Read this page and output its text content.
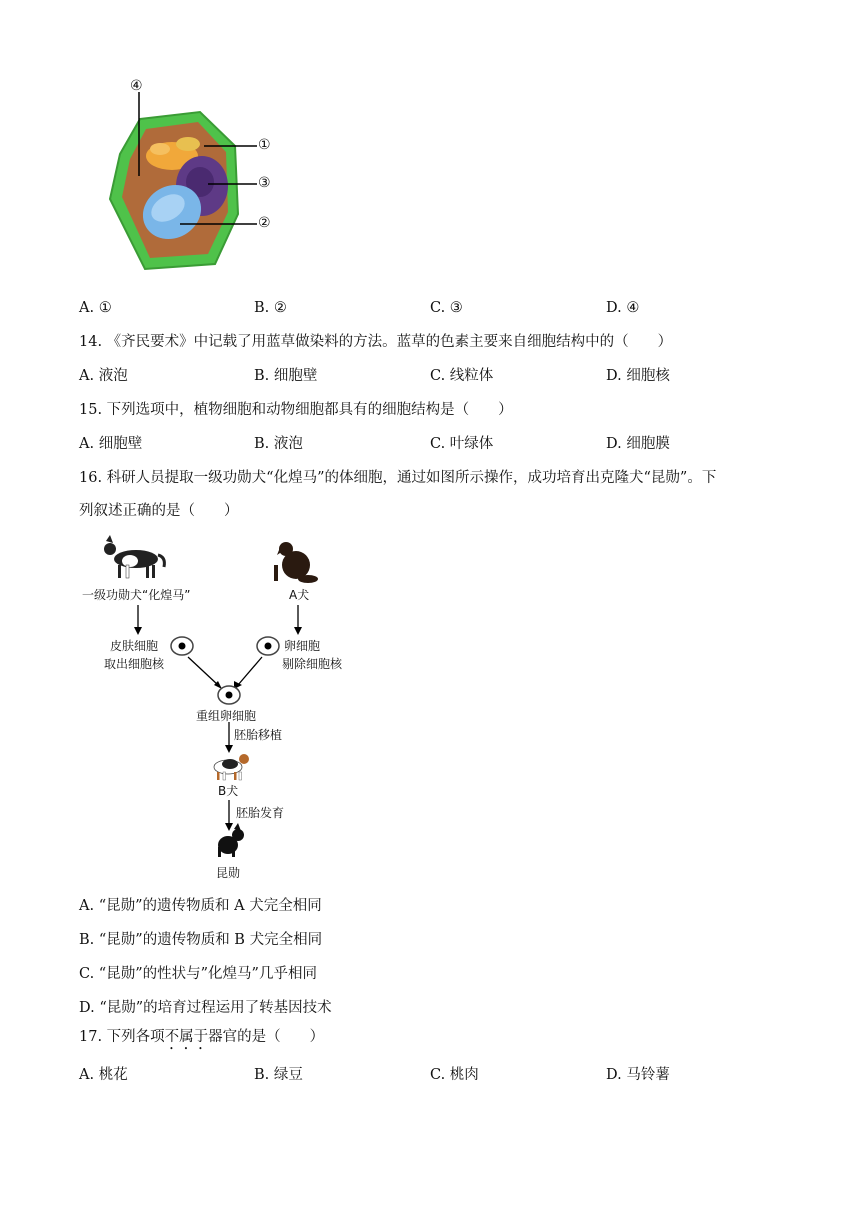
④
①
③
②
A. ①	B. ②	C. ③	D. ④
14. 《齐民要术》中记载了用蓝草做染料的方法。蓝草的色素主要来自细胞结构中的（　　）
A. 液泡	B. 细胞壁	C. 线粒体	D. 细胞核
15. 下列选项中，植物细胞和动物细胞都具有的细胞结构是（　　）
A. 细胞壁	B. 液泡	C. 叶绿体	D. 细胞膜
16. 科研人员提取一级功勋犬“化煌马”的体细胞，通过如图所示操作，成功培育出克隆犬“昆勋”。下
列叙述正确的是（　　）
一级功勋犬“化煌马”	A犬
皮肤细胞
取出细胞核
卵细胞
剔除细胞核
重组卵细胞
胚胎移植
B犬
胚胎发育
昆勋
A. “昆勋”的遗传物质和 A 犬完全相同
B. “昆勋”的遗传物质和 B 犬完全相同
C. “昆勋”的性状与”化煌马”几乎相同
D. “昆勋”的培育过程运用了转基因技术
17. 下列各项不属于器官的是（　　）
A. 桃花	B. 绿豆	C. 桃肉	D. 马铃薯
